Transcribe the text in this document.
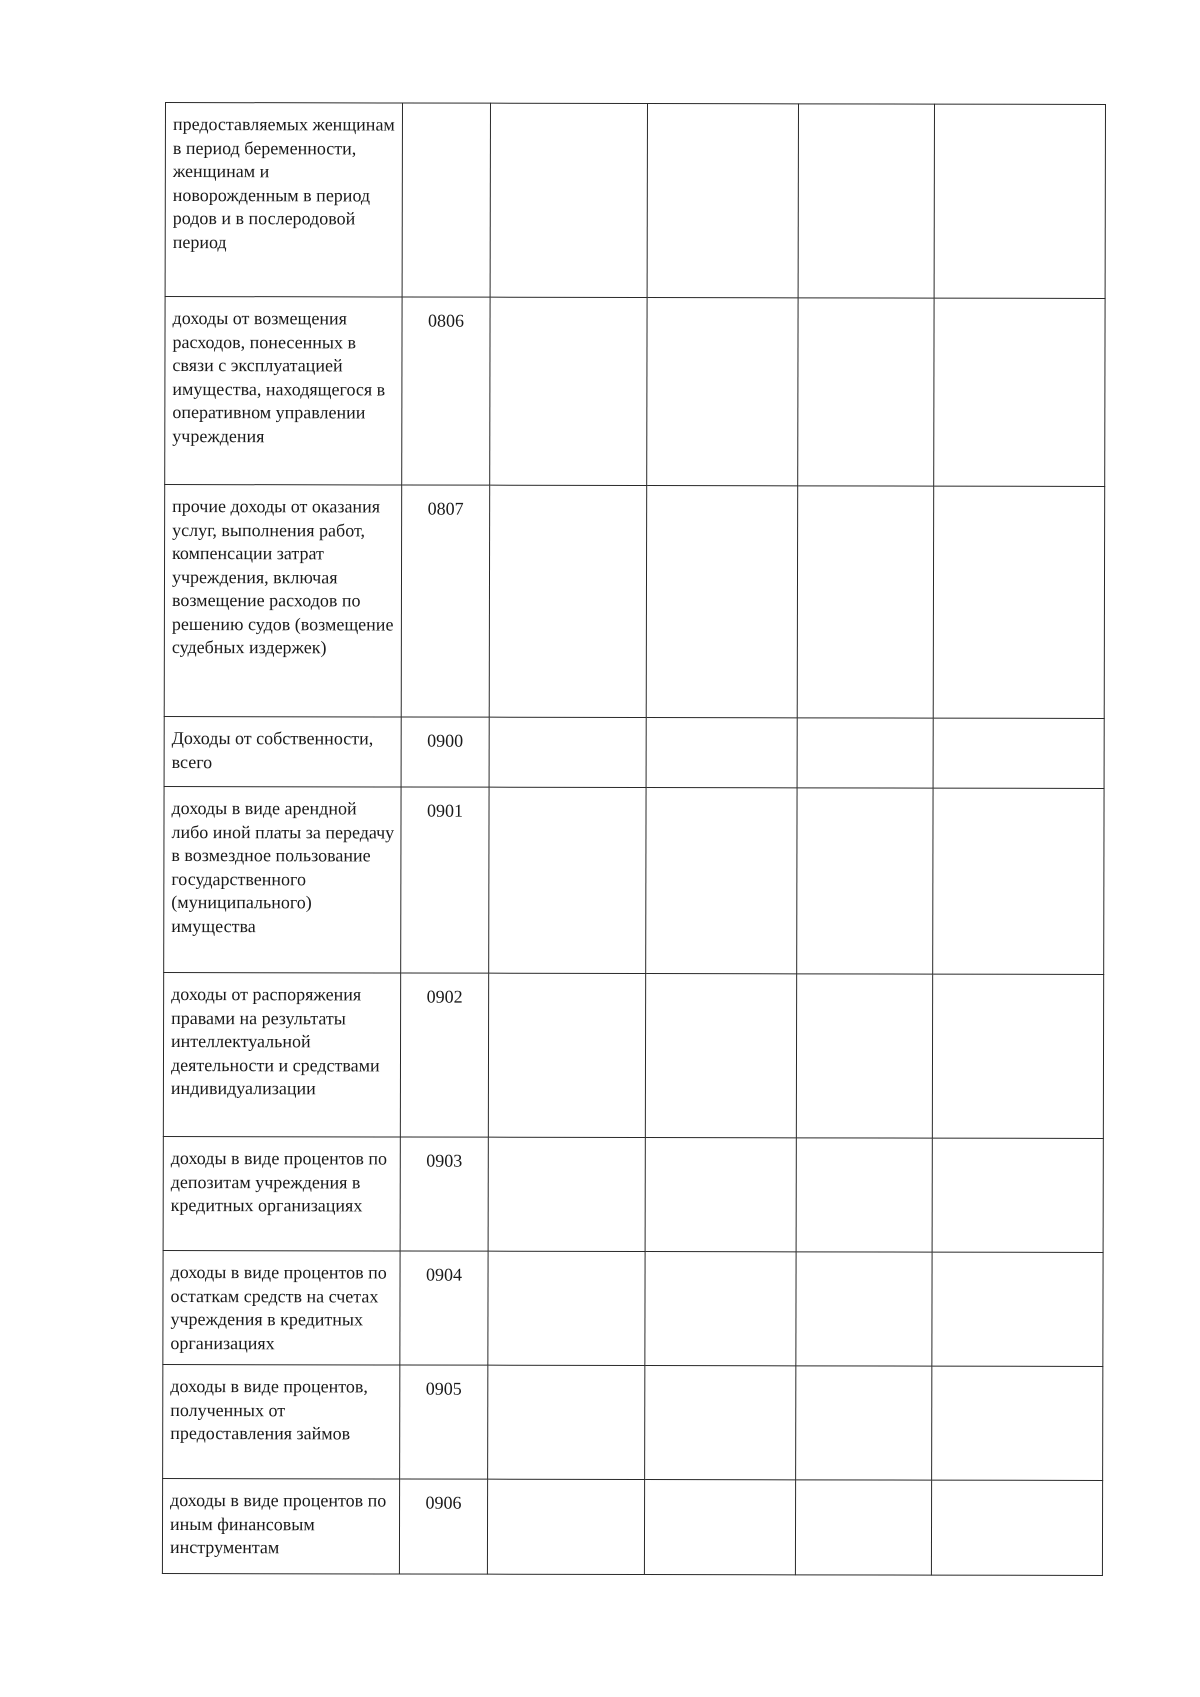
предоставляемых женщинам в период беременности, женщинам и новорожденным в период родов и в послеродовой период					
доходы от возмещения расходов, понесенных в связи с эксплуатацией имущества, находящегося в оперативном управлении учреждения	0806				
прочие доходы от оказания услуг, выполнения работ, компенсации затрат учреждения, включая возмещение расходов по решению судов (возмещение судебных издержек)	0807				
Доходы от собственности, всего	0900				
доходы в виде арендной либо иной платы за передачу в возмездное пользование государственного (муниципального) имущества	0901				
доходы от распоряжения правами на результаты интеллектуальной деятельности и средствами индивидуализации	0902				
доходы в виде процентов по депозитам учреждения в кредитных организациях	0903				
доходы в виде процентов по остаткам средств на счетах учреждения в кредитных организациях	0904				
доходы в виде процентов, полученных от предоставления займов	0905				
доходы в виде процентов по иным финансовым инструментам	0906				
